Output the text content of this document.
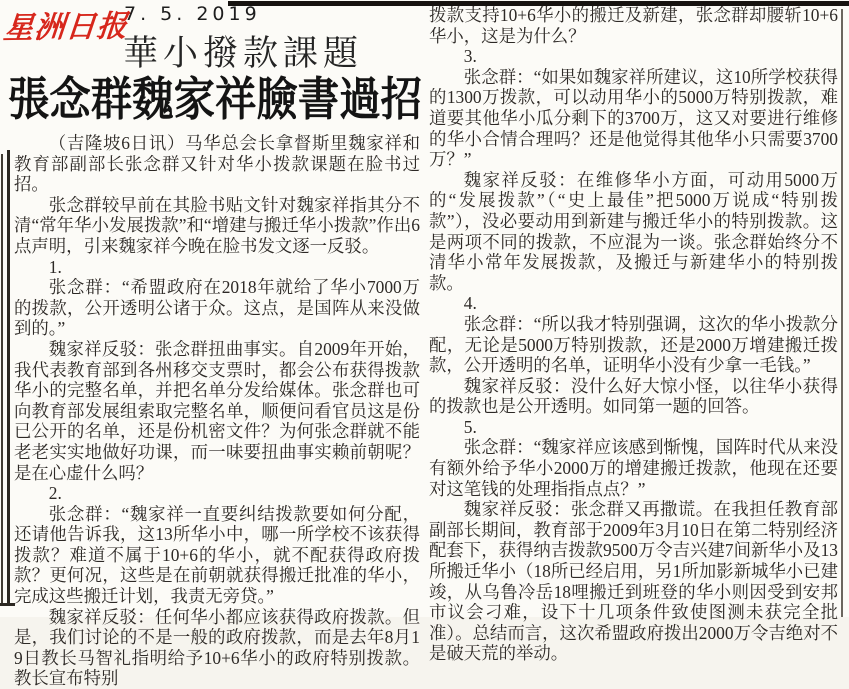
星洲日报
7. 5. 2019
華小撥款課題
張念群魏家祥臉書過招

（吉隆坡6日讯）马华总会长拿督斯里魏家祥和教育部副部长张念群又针对华小拨款课题在脸书过招。

张念群较早前在其脸书贴文针对魏家祥指其分不清“常年华小发展拨款”和“增建与搬迁华小拨款”作出6点声明，引来魏家祥今晚在脸书发文逐一反驳。

1.

张念群：“希盟政府在2018年就给了华小7000万的拨款，公开透明公诸于众。这点，是国阵从来没做到的。”

魏家祥反驳：张念群扭曲事实。自2009年开始，我代表教育部到各州移交支票时，都会公布获得拨款华小的完整名单，并把名单分发给媒体。张念群也可向教育部发展组索取完整名单，顺便问看官员这是份已公开的名单，还是份机密文件？为何张念群就不能老老实实地做好功课，而一味要扭曲事实赖前朝呢？是在心虚什么吗？

2.

张念群：“魏家祥一直要纠结拨款要如何分配，还请他告诉我，这13所华小中，哪一所学校不该获得拨款？难道不属于10+6的华小，就不配获得政府拨款？更何况，这些是在前朝就获得搬迁批准的华小，完成这些搬迁计划，我责无旁贷。”

魏家祥反驳：任何华小都应该获得政府拨款。但是，我们讨论的不是一般的政府拨款，而是去年8月19日教长马智礼指明给予10+6华小的政府特别拨款。教长宣布特别

拨款支持10+6华小的搬迁及新建，张念群却腰斩10+6华小，这是为什么？

3.

张念群：“如果如魏家祥所建议，这10所学校获得的1300万拨款，可以动用华小的5000万特别拨款，难道要其他华小瓜分剩下的3700万，这又对要进行维修的华小合情合理吗？还是他觉得其他华小只需要3700万？”

魏家祥反驳：在维修华小方面，可动用5000万的“发展拨款”（“史上最佳”把5000万说成“特别拨款”），没必要动用到新建与搬迁华小的特别拨款。这是两项不同的拨款，不应混为一谈。张念群始终分不清华小常年发展拨款，及搬迁与新建华小的特别拨款。

4.

张念群：“所以我才特别强调，这次的华小拨款分配，无论是5000万特别拨款，还是2000万增建搬迁拨款，公开透明的名单，证明华小没有少拿一毛钱。”

魏家祥反驳：没什么好大惊小怪，以往华小获得的拨款也是公开透明。如同第一题的回答。

5.

张念群：“魏家祥应该感到惭愧，国阵时代从来没有额外给予华小2000万的增建搬迁拨款，他现在还要对这笔钱的处理指指点点？”

魏家祥反驳：张念群又再撒谎。在我担任教育部副部长期间，教育部于2009年3月10日在第二特别经济配套下，获得纳吉拨款9500万令吉兴建7间新华小及13所搬迁华小（18所已经启用，另1所加影新城华小已建竣，从乌鲁冷岳18哩搬迁到班登的华小则因受到安邦市议会刁难，设下十几项条件致使图测未获完全批准）。总结而言，这次希盟政府拨出2000万令吉绝对不是破天荒的举动。
